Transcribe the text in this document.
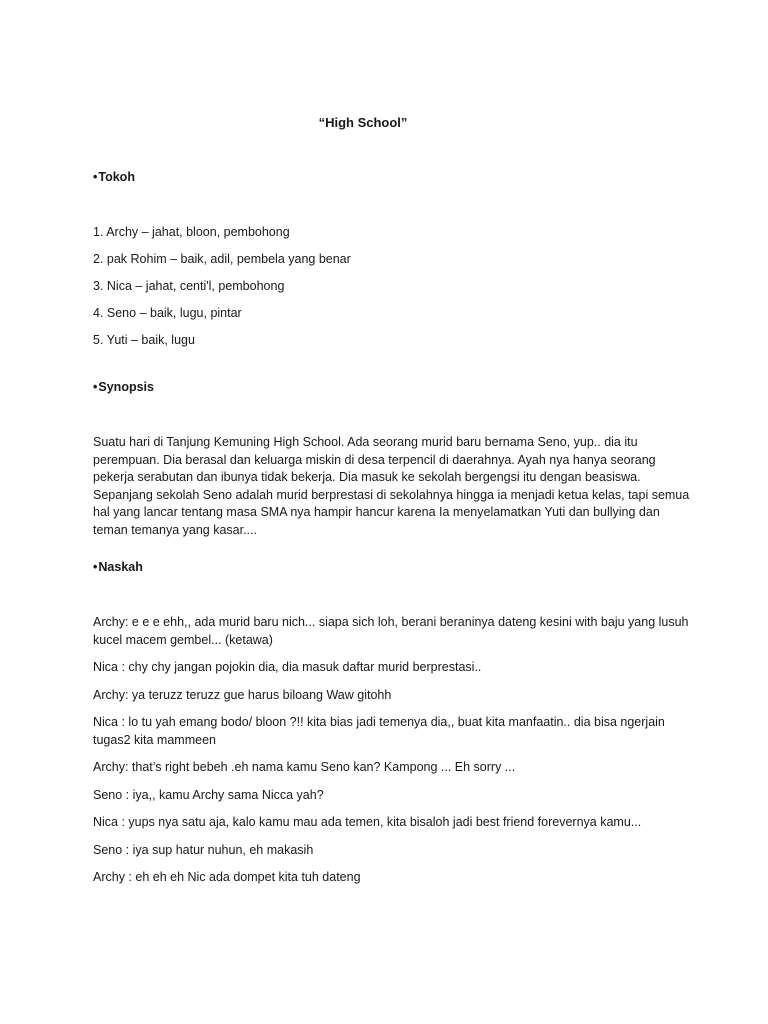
“High School”

•Tokoh

1. Archy – jahat, bloon, pembohong
2. pak Rohim – baik, adil, pembela yang benar
3. Nica – jahat, centi'l, pembohong
4. Seno – baik, lugu, pintar
5. Yuti – baik, lugu

•Synopsis

Suatu hari di Tanjung Kemuning High School. Ada seorang murid baru bernama Seno, yup.. dia itu perempuan. Dia berasal dan keluarga miskin di desa terpencil di daerahnya. Ayah nya hanya seorang pekerja serabutan dan ibunya tidak bekerja. Dia masuk ke sekolah bergengsi itu dengan beasiswa. Sepanjang sekolah Seno adalah murid berprestasi di sekolahnya hingga ia menjadi ketua kelas, tapi semua hal yang lancar tentang masa SMA nya hampir hancur karena Ia menyelamatkan Yuti dan bullying dan teman temanya yang kasar....

•Naskah

Archy: e e e ehh,, ada murid baru nich... siapa sich loh, berani beraninya dateng kesini with baju yang lusuh kucel macem gembel... (ketawa)

Nica : chy chy jangan pojokin dia, dia masuk daftar murid berprestasi..

Archy: ya teruzz teruzz gue harus biloang Waw gitohh

Nica : lo tu yah emang bodo/ bloon ?!! kita bias jadi temenya dia,, buat kita manfaatin.. dia bisa ngerjain tugas2 kita mammeen

Archy: that’s right bebeh .eh nama kamu Seno kan? Kampong ... Eh sorry ...

Seno : iya,, kamu Archy sama Nicca yah?

Nica : yups nya satu aja, kalo kamu mau ada temen, kita bisaloh jadi best friend forevernya kamu...

Seno : iya sup hatur nuhun, eh makasih

Archy : eh eh eh Nic ada dompet kita tuh dateng
